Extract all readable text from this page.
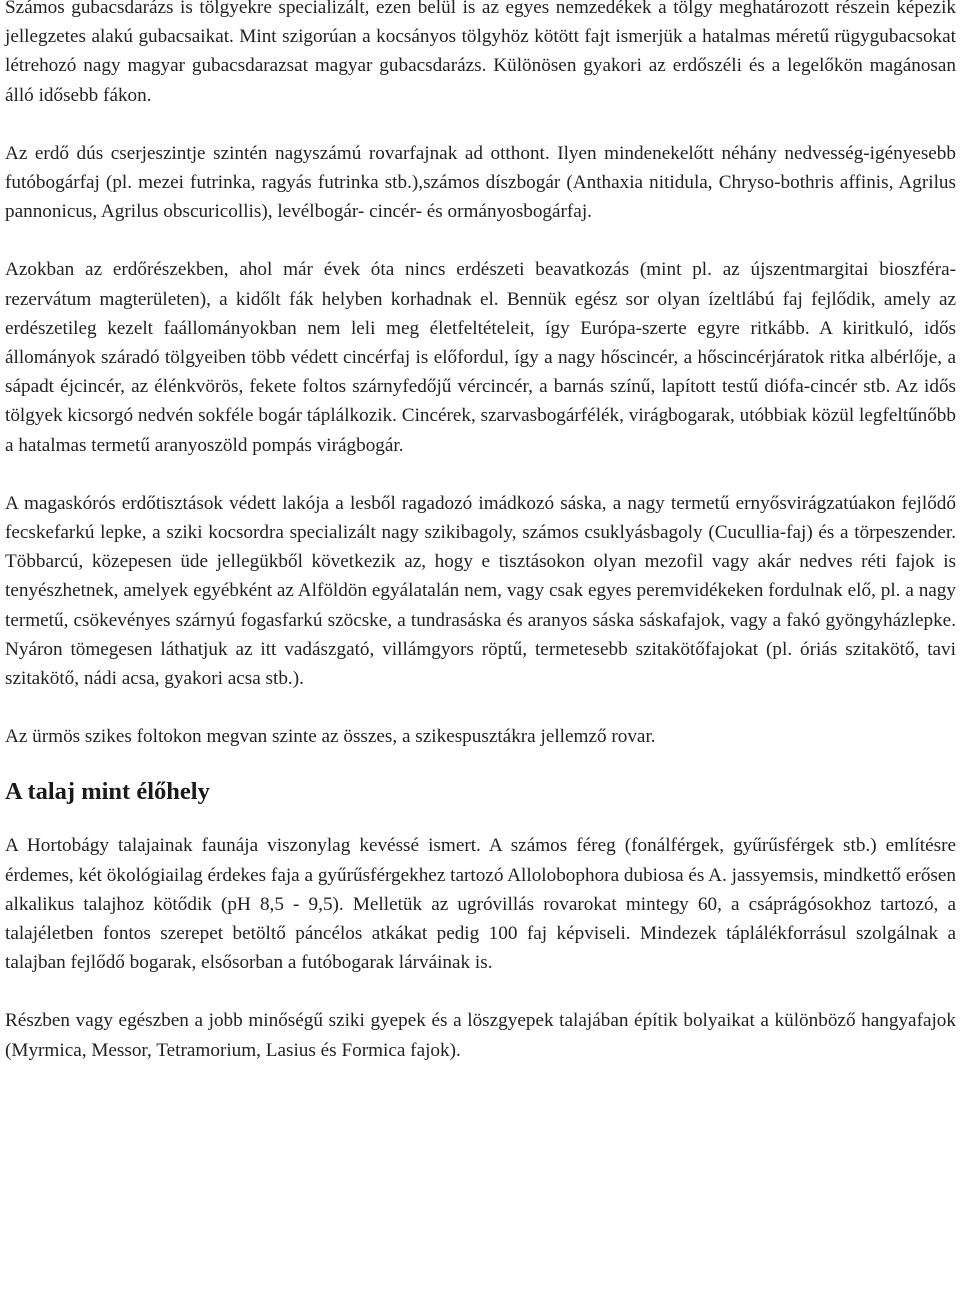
Számos gubacsdarázs is tölgyekre specializált, ezen belül is az egyes nemzedékek a tölgy meghatározott részein képezik jellegzetes alakú gubacsaikat. Mint szigorúan a kocsányos tölgyhöz kötött fajt ismerjük a hatalmas méretű rügygubacsokat létrehozó nagy magyar gubacsdarazsat magyar gubacsdarázs. Különösen gyakori az erdőszéli és a legelőkön magánosan álló idősebb fákon.

Az erdő dús cserjeszintje szintén nagyszámú rovarfajnak ad otthont. Ilyen mindenekelőtt néhány nedvesség-igényesebb futóbogárfaj (pl. mezei futrinka, ragyás futrinka stb.),számos díszbogár (Anthaxia nitidula, Chryso-bothris affinis, Agrilus pannonicus, Agrilus obscuricollis), levélbogár- cincér- és ormányosbogárfaj.

Azokban az erdőrészekben, ahol már évek óta nincs erdészeti beavatkozás (mint pl. az újszentmargitai bioszféra-rezervátum magterületen), a kidőlt fák helyben korhadnak el. Bennük egész sor olyan ízeltlábú faj fejlődik, amely az erdészetileg kezelt faállományokban nem leli meg életfeltételeit, így Európa-szerte egyre ritkább. A kiritkuló, idős állományok száradó tölgyeiben több védett cincérfaj is előfordul, így a nagy hőscincér, a hőscincérjáratok ritka albérlője, a sápadt éjcincér, az élénkvörös, fekete foltos szárnyfedőjű vércincér, a barnás színű, lapított testű diófa-cincér stb. Az idős tölgyek kicsorgó nedvén sokféle bogár táplálkozik. Cincérek, szarvasbogárfélék, virágbogarak, utóbbiak közül legfeltűnőbb a hatalmas termetű aranyoszöld pompás virágbogár.

A magaskórós erdőtisztások védett lakója a lesből ragadozó imádkozó sáska, a nagy termetű ernyősvirágzatúakon fejlődő fecskefarkú lepke, a sziki kocsordra specializált nagy szikibagoly, számos csuklyásbagoly (Cucullia-faj) és a törpeszender. Többarcú, közepesen üde jellegükből következik az, hogy e tisztásokon olyan mezofil vagy akár nedves réti fajok is tenyészhetnek, amelyek egyébként az Alföldön egyálatalán nem, vagy csak egyes peremvidékeken fordulnak elő, pl. a nagy termetű, csökevényes szárnyú fogasfarkú szöcske, a tundrasáska és aranyos sáska sáskafajok, vagy a fakó gyöngyházlepke. Nyáron tömegesen láthatjuk az itt vadászgató, villámgyors röptű, termetesebb szitakötőfajokat (pl. óriás szitakötő, tavi szitakötő, nádi acsa, gyakori acsa stb.).

Az ürmös szikes foltokon megvan szinte az összes, a szikespusztákra jellemző rovar.

A talaj mint élőhely

A Hortobágy talajainak faunája viszonylag kevéssé ismert. A számos féreg (fonálférgek, gyűrűsférgek stb.) említésre érdemes, két ökológiailag érdekes faja a gyűrűsférgekhez tartozó Allolobophora dubiosa és A. jassyemsis, mindkettő erősen alkalikus talajhoz kötődik (pH 8,5 - 9,5). Melletük az ugróvillás rovarokat mintegy 60, a csáprágósokhoz tartozó, a talajéletben fontos szerepet betöltő páncélos atkákat pedig 100 faj képviseli. Mindezek táplálékforrásul szolgálnak a talajban fejlődő bogarak, elsősorban a futóbogarak lárváinak is.

Részben vagy egészben a jobb minőségű sziki gyepek és a löszgyepek talajában építik bolyaikat a különböző hangyafajok (Myrmica, Messor, Tetramorium, Lasius és Formica fajok).
